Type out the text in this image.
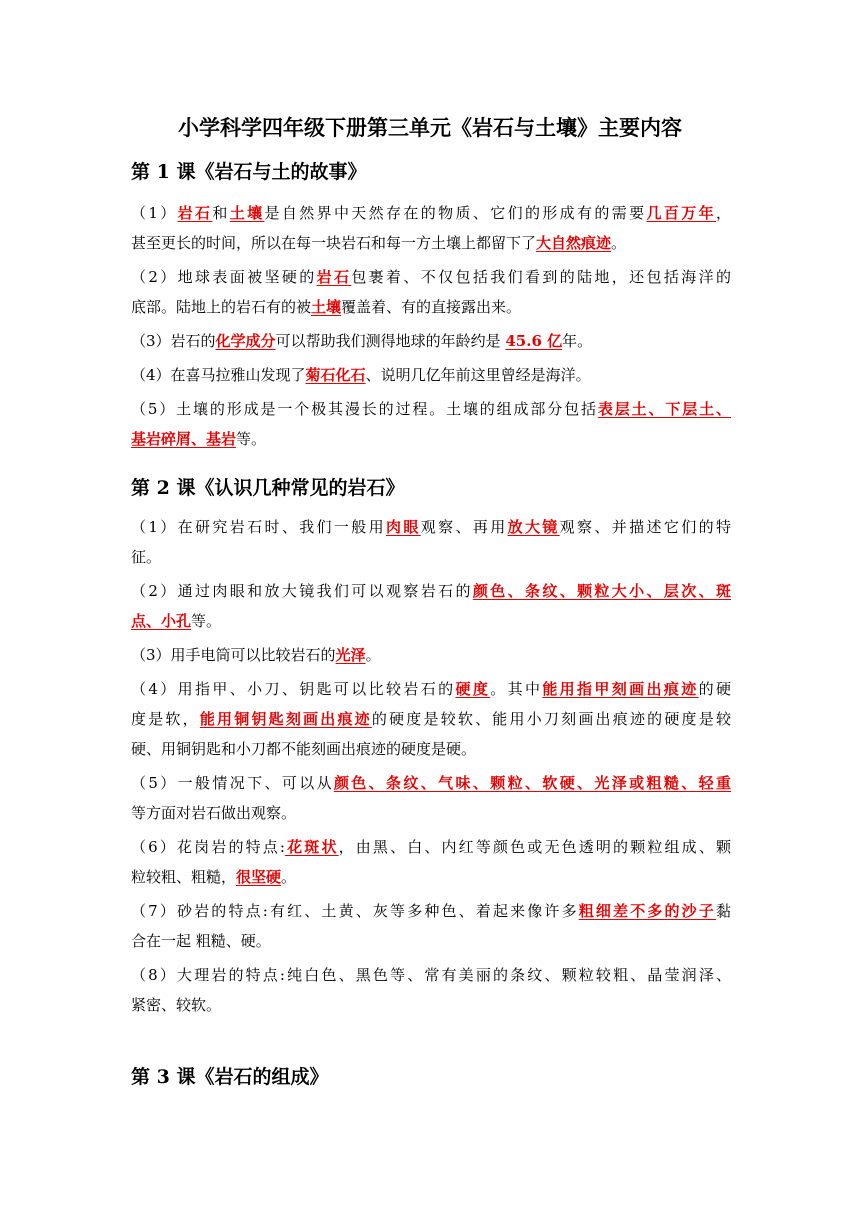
小学科学四年级下册第三单元《岩石与土壤》主要内容
第 1 课《岩石与土的故事》
（1）岩石和土壤是自然界中天然存在的物质、它们的形成有的需要几百万年，
甚至更长的时间，所以在每一块岩石和每一方土壤上都留下了大自然痕迹。
（2）地球表面被坚硬的岩石包裹着、不仅包括我们看到的陆地，还包括海洋的
底部。陆地上的岩石有的被土壤覆盖着、有的直接露出来。
（3）岩石的化学成分可以帮助我们测得地球的年龄约是 45.6 亿年。
（4）在喜马拉雅山发现了菊石化石、说明几亿年前这里曾经是海洋。
（5）土壤的形成是一个极其漫长的过程。土壤的组成部分包括表层土、下层土、
基岩碎屑、基岩等。
第 2 课《认识几种常见的岩石》
（1）在研究岩石时、我们一般用肉眼观察、再用放大镜观察、并描述它们的特
征。
（2）通过肉眼和放大镜我们可以观察岩石的颜色、条纹、颗粒大小、层次、斑
点、小孔等。
（3）用手电筒可以比较岩石的光泽。
（4）用指甲、小刀、钥匙可以比较岩石的硬度。其中能用指甲刻画出痕迹的硬
度是软，能用铜钥匙刻画出痕迹的硬度是较软、能用小刀刻画出痕迹的硬度是较
硬、用铜钥匙和小刀都不能刻画出痕迹的硬度是硬。
（5）一般情况下、可以从颜色、条纹、气味、颗粒、软硬、光泽或粗糙、轻重
等方面对岩石做出观察。
（6）花岗岩的特点:花斑状，由黑、白、内红等颜色或无色透明的颗粒组成、颗
粒较粗、粗糙，很坚硬。
（7）砂岩的特点:有红、土黄、灰等多种色、着起来像许多粗细差不多的沙子黏
合在一起 粗糙、硬。
（8）大理岩的特点:纯白色、黑色等、常有美丽的条纹、颗粒较粗、晶莹润泽、
紧密、较软。
第 3 课《岩石的组成》
